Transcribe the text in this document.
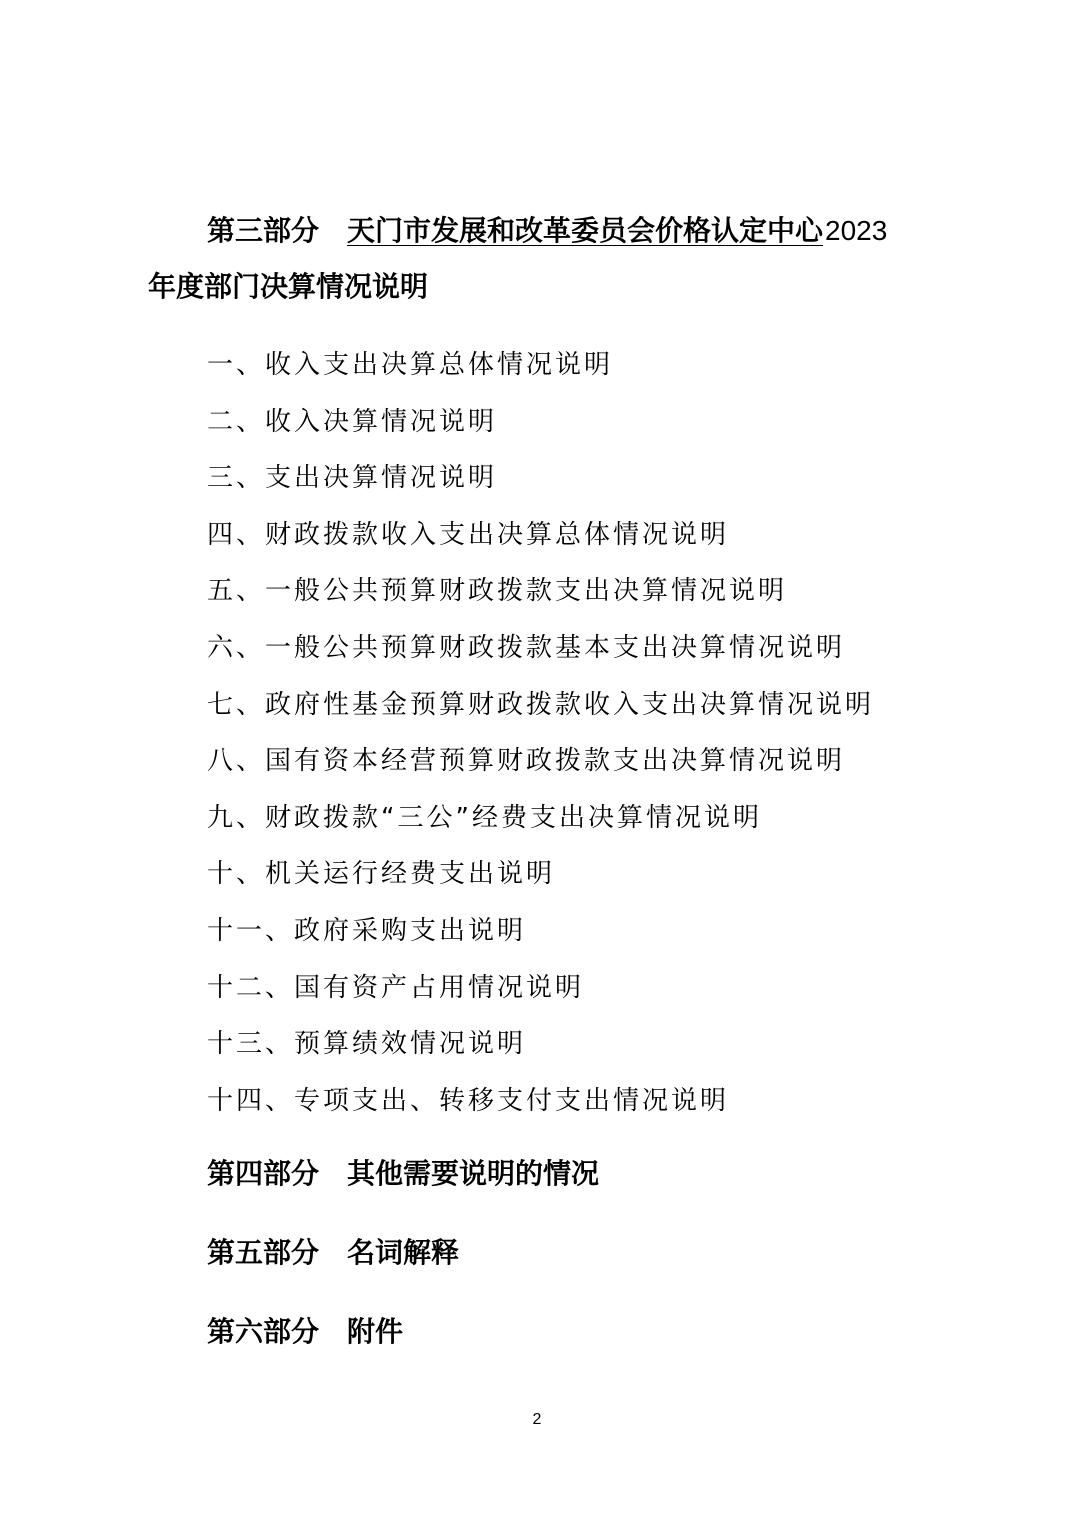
第三部分 天门市发展和改革委员会价格认定中心2023
年度部门决算情况说明
一、收入支出决算总体情况说明
二、收入决算情况说明
三、支出决算情况说明
四、财政拨款收入支出决算总体情况说明
五、一般公共预算财政拨款支出决算情况说明
六、一般公共预算财政拨款基本支出决算情况说明
七、政府性基金预算财政拨款收入支出决算情况说明
八、国有资本经营预算财政拨款支出决算情况说明
九、财政拨款“三公”经费支出决算情况说明
十、机关运行经费支出说明
十一、政府采购支出说明
十二、国有资产占用情况说明
十三、预算绩效情况说明
十四、专项支出、转移支付支出情况说明
第四部分 其他需要说明的情况
第五部分 名词解释
第六部分 附件
2
